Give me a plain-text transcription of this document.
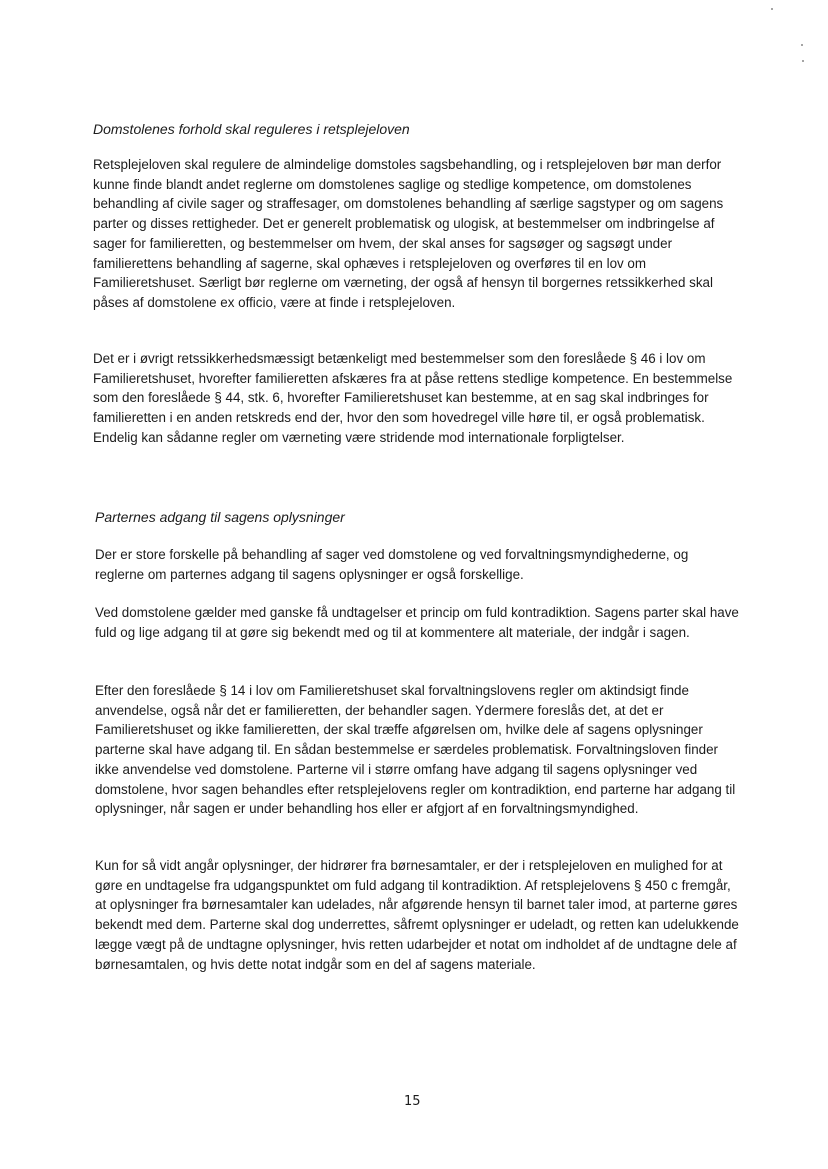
Domstolenes forhold skal reguleres i retsplejeloven

Retsplejeloven skal regulere de almindelige domstoles sagsbehandling, og i retsplejeloven bør man derfor kunne finde blandt andet reglerne om domstolenes saglige og stedlige kompetence, om domstolenes behandling af civile sager og straffesager, om domstolenes behandling af særlige sagstyper og om sagens parter og disses rettigheder. Det er generelt problematisk og ulogisk, at bestemmelser om indbringelse af sager for familieretten, og bestemmelser om hvem, der skal anses for sagsøger og sagsøgt under familierettens behandling af sagerne, skal ophæves i retsplejeloven og overføres til en lov om Familieretshuset. Særligt bør reglerne om værneting, der også af hensyn til borgernes retssikkerhed skal påses af domstolene ex officio, være at finde i retsplejeloven.

Det er i øvrigt retssikkerhedsmæssigt betænkeligt med bestemmelser som den foreslåede § 46 i lov om Familieretshuset, hvorefter familieretten afskæres fra at påse rettens stedlige kompetence. En bestemmelse som den foreslåede § 44, stk. 6, hvorefter Familieretshuset kan bestemme, at en sag skal indbringes for familieretten i en anden retskreds end der, hvor den som hovedregel ville høre til, er også problematisk. Endelig kan sådanne regler om værneting være stridende mod internationale forpligtelser.

Parternes adgang til sagens oplysninger

Der er store forskelle på behandling af sager ved domstolene og ved forvaltningsmyndighederne, og reglerne om parternes adgang til sagens oplysninger er også forskellige.

Ved domstolene gælder med ganske få undtagelser et princip om fuld kontradiktion. Sagens parter skal have fuld og lige adgang til at gøre sig bekendt med og til at kommentere alt materiale, der indgår i sagen.

Efter den foreslåede § 14 i lov om Familieretshuset skal forvaltningslovens regler om aktindsigt finde anvendelse, også når det er familieretten, der behandler sagen. Ydermere foreslås det, at det er Familieretshuset og ikke familieretten, der skal træffe afgørelsen om, hvilke dele af sagens oplysninger parterne skal have adgang til. En sådan bestemmelse er særdeles problematisk. Forvaltningsloven finder ikke anvendelse ved domstolene. Parterne vil i større omfang have adgang til sagens oplysninger ved domstolene, hvor sagen behandles efter retsplejelovens regler om kontradiktion, end parterne har adgang til oplysninger, når sagen er under behandling hos eller er afgjort af en forvaltningsmyndighed.

Kun for så vidt angår oplysninger, der hidrører fra børnesamtaler, er der i retsplejeloven en mulighed for at gøre en undtagelse fra udgangspunktet om fuld adgang til kontradiktion. Af retsplejelovens § 450 c fremgår, at oplysninger fra børnesamtaler kan udelades, når afgørende hensyn til barnet taler imod, at parterne gøres bekendt med dem. Parterne skal dog underrettes, såfremt oplysninger er udeladt, og retten kan udelukkende lægge vægt på de undtagne oplysninger, hvis retten udarbejder et notat om indholdet af de undtagne dele af børnesamtalen, og hvis dette notat indgår som en del af sagens materiale.

15
